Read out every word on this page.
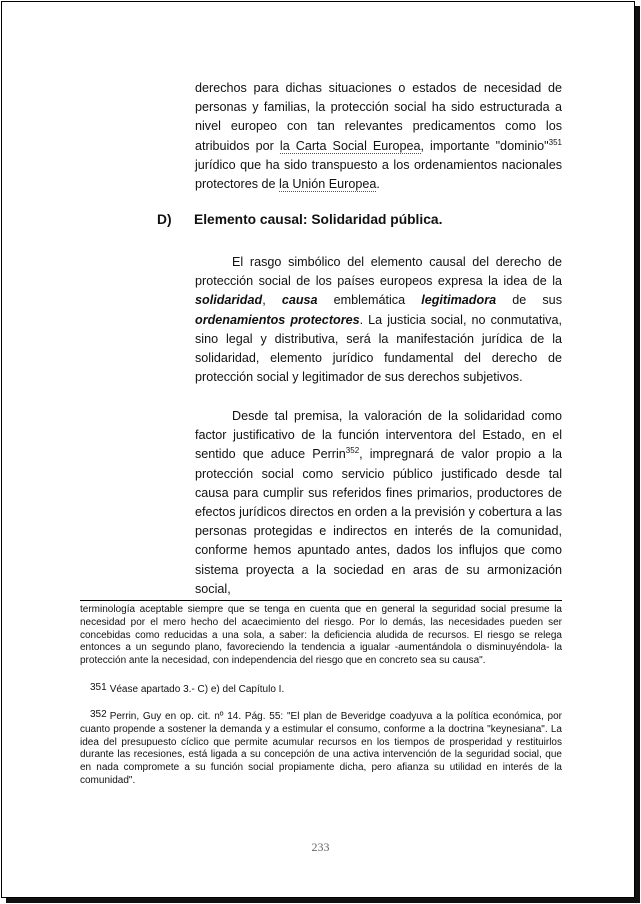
derechos para dichas situaciones o estados de necesidad de personas y familias, la protección social ha sido estructurada a nivel europeo con tan relevantes predicamentos como los atribuidos por la Carta Social Europea, importante "dominio"$^{351}$ jurídico que ha sido transpuesto a los ordenamientos nacionales protectores de la Unión Europea.
D) Elemento causal: Solidaridad pública.
El rasgo simbólico del elemento causal del derecho de protección social de los países europeos expresa la idea de la solidaridad, causa emblemática legitimadora de sus ordenamientos protectores. La justicia social, no conmutativa, sino legal y distributiva, será la manifestación jurídica de la solidaridad, elemento jurídico fundamental del derecho de protección social y legitimador de sus derechos subjetivos.
Desde tal premisa, la valoración de la solidaridad como factor justificativo de la función interventora del Estado, en el sentido que aduce Perrin$^{352}$, impregnará de valor propio a la protección social como servicio público justificado desde tal causa para cumplir sus referidos fines primarios, productores de efectos jurídicos directos en orden a la previsión y cobertura a las personas protegidas e indirectos en interés de la comunidad, conforme hemos apuntado antes, dados los influjos que como sistema proyecta a la sociedad en aras de su armonización social,
terminología aceptable siempre que se tenga en cuenta que en general la seguridad social presume la necesidad por el mero hecho del acaecimiento del riesgo. Por lo demás, las necesidades pueden ser concebidas como reducidas a una sola, a saber: la deficiencia aludida de recursos. El riesgo se relega entonces a un segundo plano, favoreciendo la tendencia a igualar -aumentándola o disminuyéndola- la protección ante la necesidad, con independencia del riesgo que en concreto sea su causa".
$^{351}$ Véase apartado 3.- C) e) del Capítulo I.
$^{352}$ Perrin, Guy en op. cit. nº 14. Pág. 55: "El plan de Beveridge coadyuva a la política económica, por cuanto propende a sostener la demanda y a estimular el consumo, conforme a la doctrina "keynesiana". La idea del presupuesto cíclico que permite acumular recursos en los tiempos de prosperidad y restituirlos durante las recesiones, está ligada a su concepción de una activa intervención de la seguridad social, que en nada compromete a su función social propiamente dicha, pero afianza su utilidad en interés de la comunidad".
233
